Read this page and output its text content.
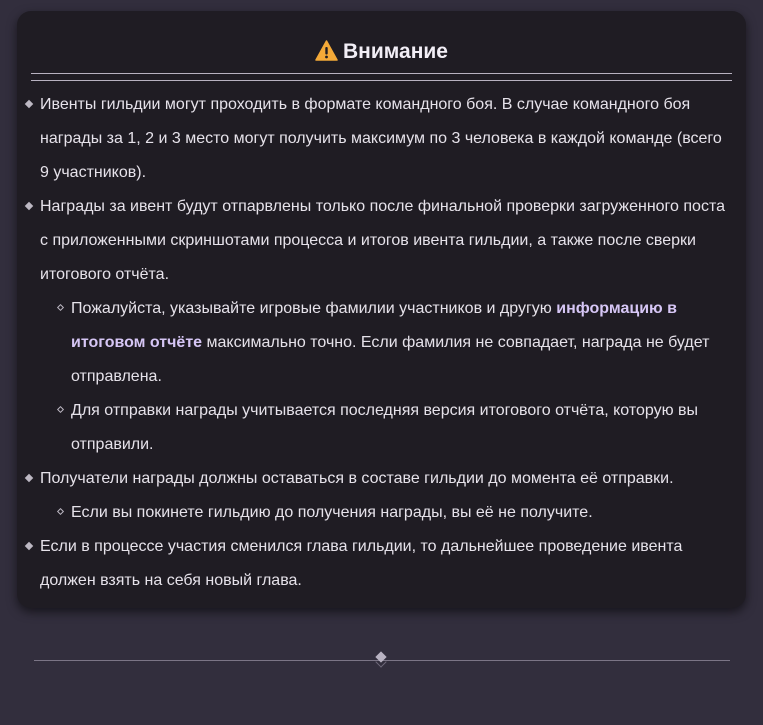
Внимание
Ивенты гильдии могут проходить в формате командного боя. В случае командного боя награды за 1, 2 и 3 место могут получить максимум по 3 человека в каждой команде (всего 9 участников).
Награды за ивент будут отпарвлены только после финальной проверки загруженного поста с приложенными скриншотами процесса и итогов ивента гильдии, а также после сверки итогового отчёта.
Пожалуйста, указывайте игровые фамилии участников и другую информацию в итоговом отчёте максимально точно. Если фамилия не совпадает, награда не будет отправлена.
Для отправки награды учитывается последняя версия итогового отчёта, которую вы отправили.
Получатели награды должны оставаться в составе гильдии до момента её отправки.
Если вы покинете гильдию до получения награды, вы её не получите.
Если в процессе участия сменился глава гильдии, то дальнейшее проведение ивента должен взять на себя новый глава.
